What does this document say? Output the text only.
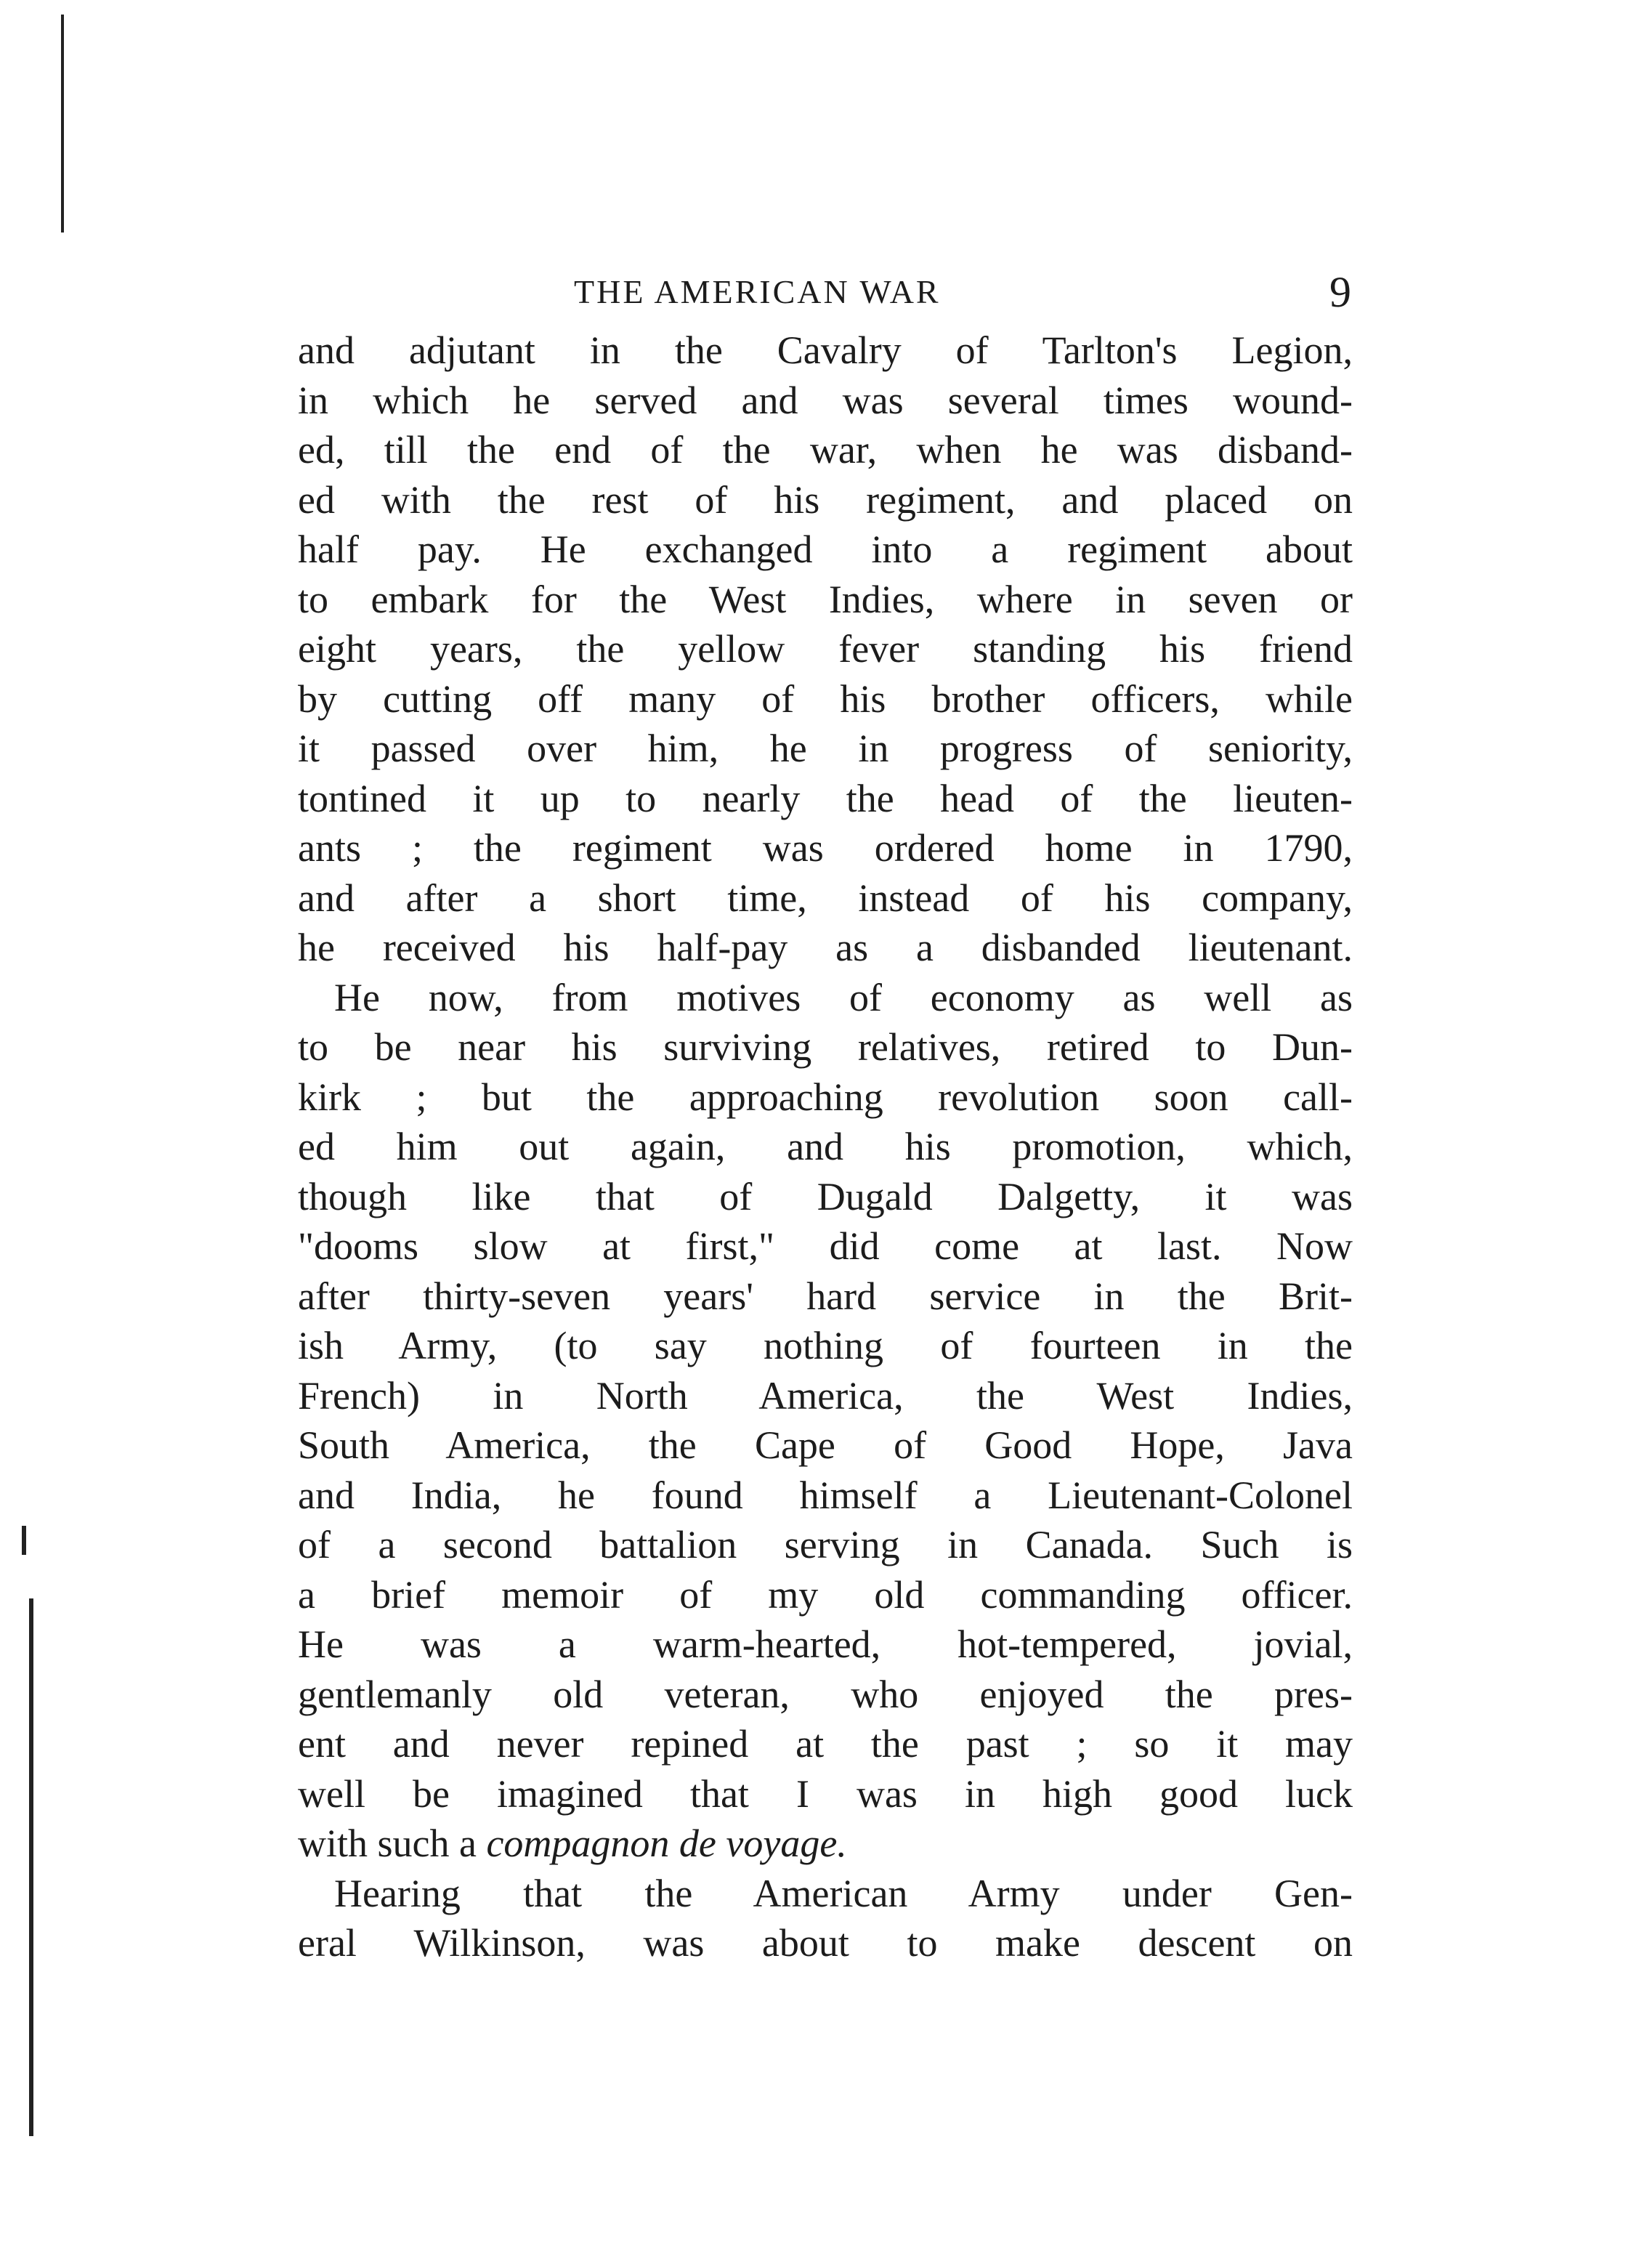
THE AMERICAN WAR	9
and adjutant in the Cavalry of Tarlton's Legion,
in which he served and was several times wound-
ed, till the end of the war, when he was disband-
ed with the rest of his regiment, and placed on
half pay. He exchanged into a regiment about
to embark for the West Indies, where in seven or
eight years, the yellow fever standing his friend
by cutting off many of his brother officers, while
it passed over him, he in progress of seniority,
tontined it up to nearly the head of the lieuten-
ants ; the regiment was ordered home in 1790,
and after a short time, instead of his company,
he received his half-pay as a disbanded lieutenant.
He now, from motives of economy as well as
to be near his surviving relatives, retired to Dun-
kirk ; but the approaching revolution soon call-
ed him out again, and his promotion, which,
though like that of Dugald Dalgetty, it was
"dooms slow at first," did come at last. Now
after thirty-seven years' hard service in the Brit-
ish Army, (to say nothing of fourteen in the
French) in North America, the West Indies,
South America, the Cape of Good Hope, Java
and India, he found himself a Lieutenant-Colonel
of a second battalion serving in Canada. Such is
a brief memoir of my old commanding officer.
He was a warm-hearted, hot-tempered, jovial,
gentlemanly old veteran, who enjoyed the pres-
ent and never repined at the past ; so it may
well be imagined that I was in high good luck
with such a compagnon de voyage.
Hearing that the American Army under Gen-
eral Wilkinson, was about to make descent on
